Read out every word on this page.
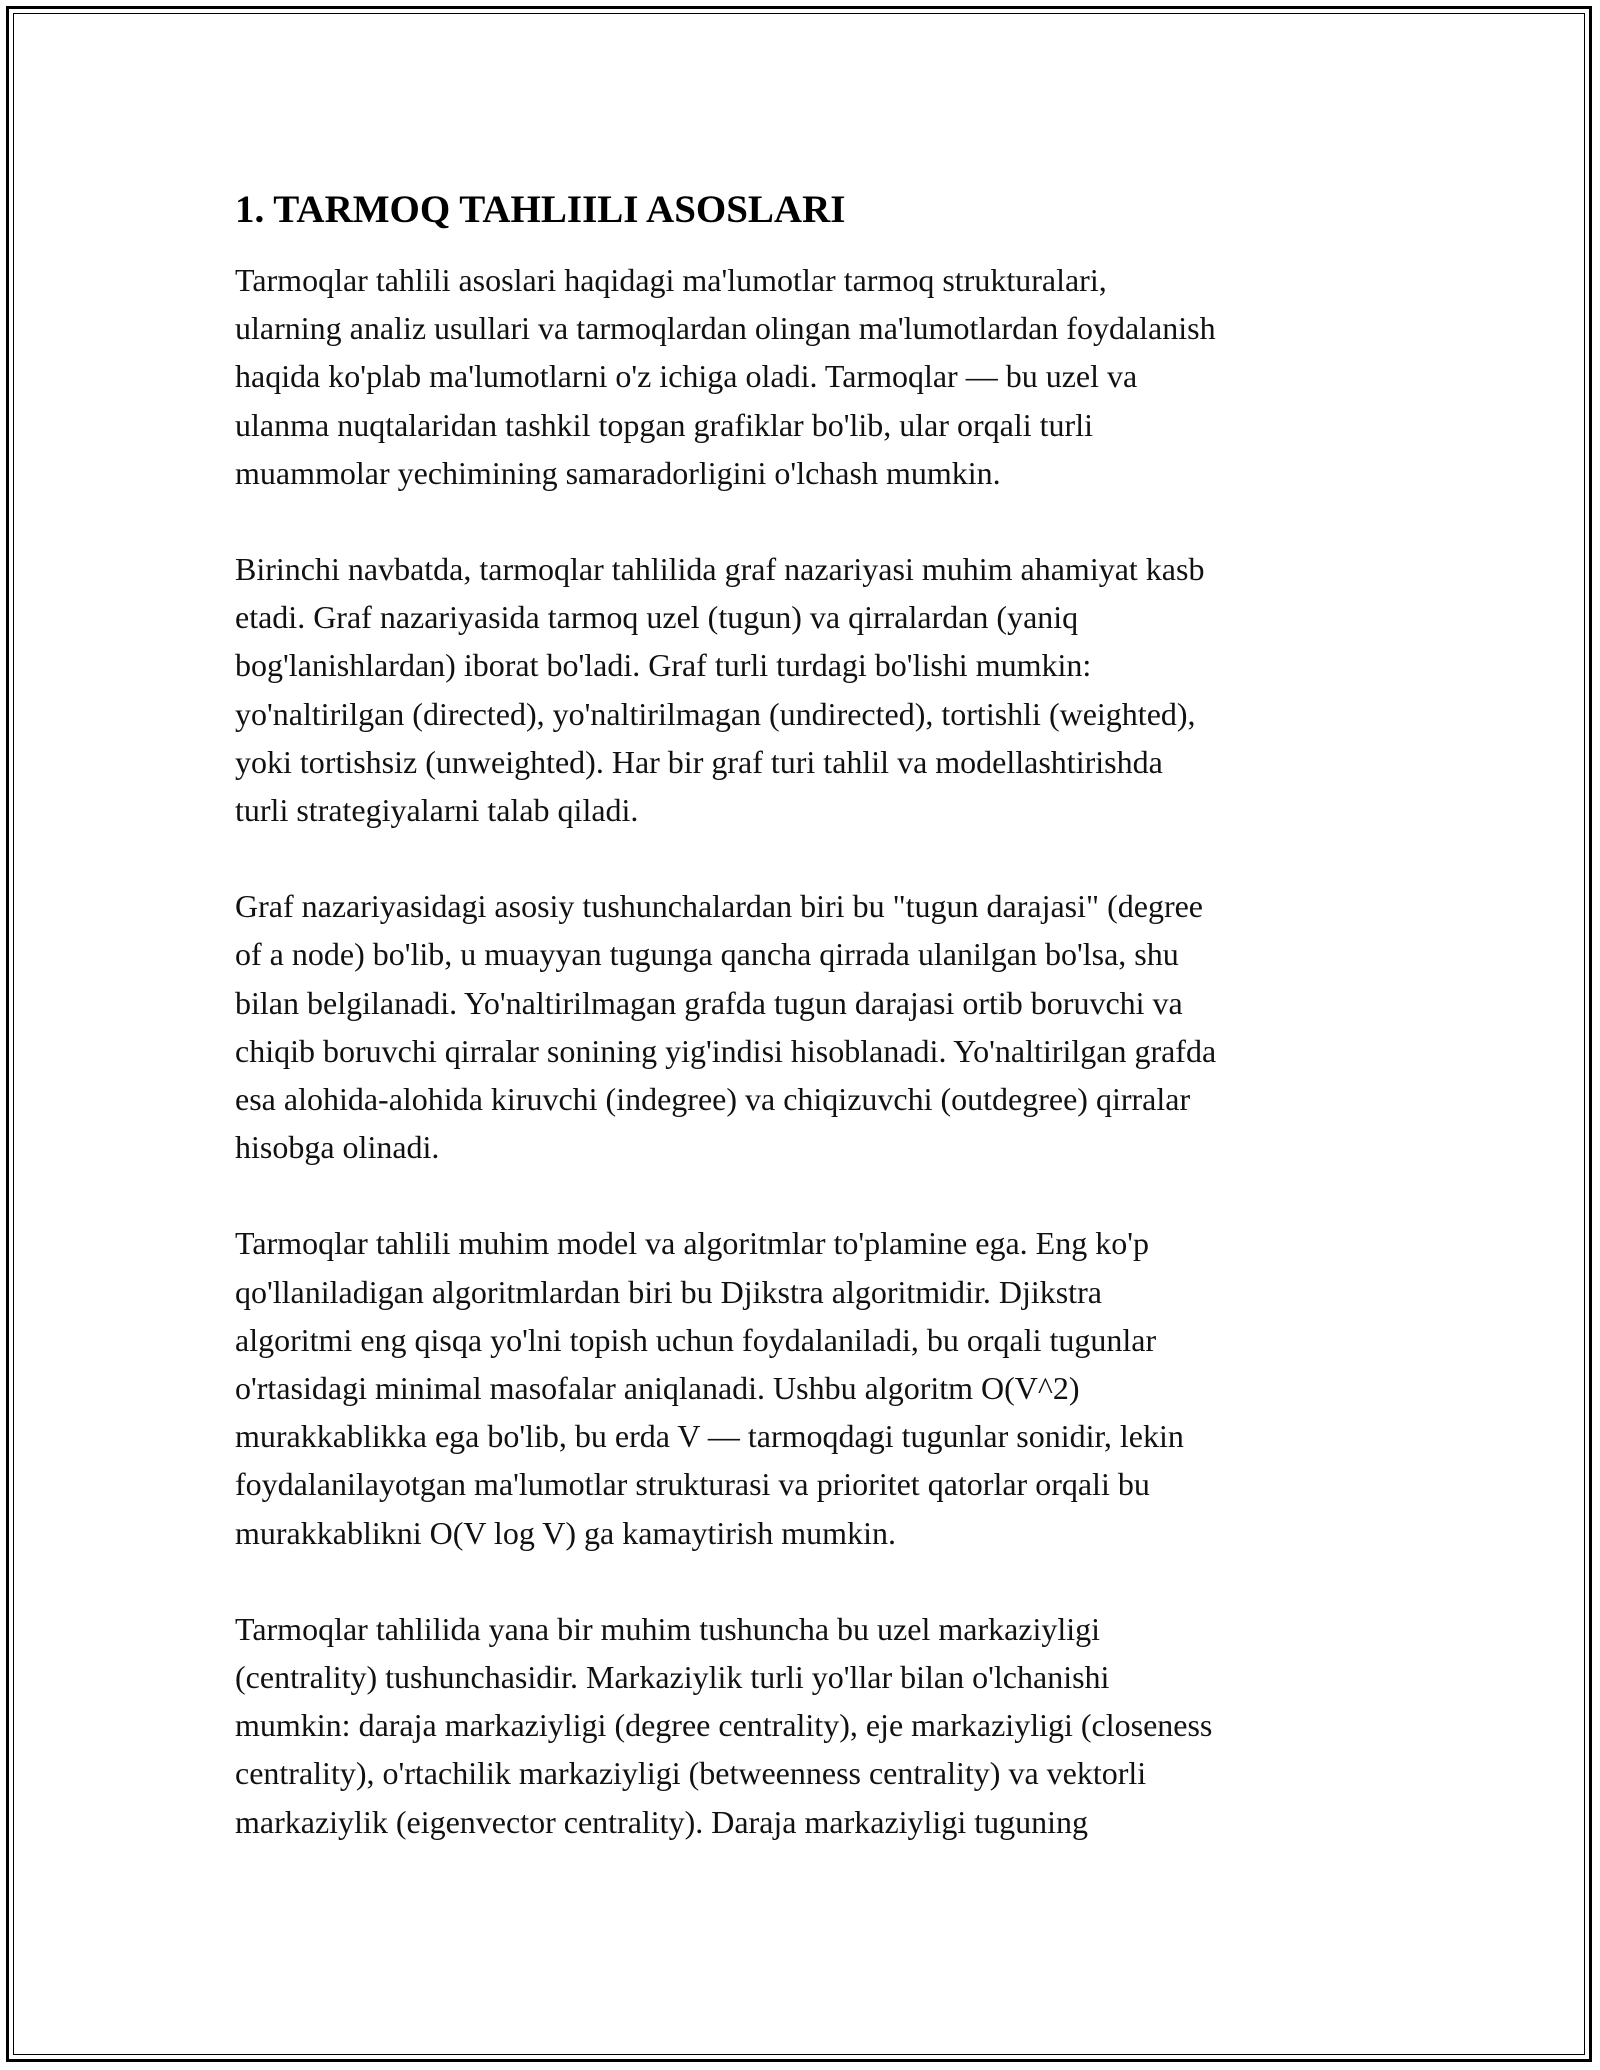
1. TARMOQ TAHLIILI ASOSLARI

Tarmoqlar tahlili asoslari haqidagi ma'lumotlar tarmoq strukturalari,
ularning analiz usullari va tarmoqlardan olingan ma'lumotlardan foydalanish
haqida ko'plab ma'lumotlarni o'z ichiga oladi. Tarmoqlar — bu uzel va
ulanma nuqtalaridan tashkil topgan grafiklar bo'lib, ular orqali turli
muammolar yechimining samaradorligini o'lchash mumkin.

Birinchi navbatda, tarmoqlar tahlilida graf nazariyasi muhim ahamiyat kasb
etadi. Graf nazariyasida tarmoq uzel (tugun) va qirralardan (yaniq
bog'lanishlardan) iborat bo'ladi. Graf turli turdagi bo'lishi mumkin:
yo'naltirilgan (directed), yo'naltirilmagan (undirected), tortishli (weighted),
yoki tortishsiz (unweighted). Har bir graf turi tahlil va modellashtirishda
turli strategiyalarni talab qiladi.

Graf nazariyasidagi asosiy tushunchalardan biri bu "tugun darajasi" (degree
of a node) bo'lib, u muayyan tugunga qancha qirrada ulanilgan bo'lsa, shu
bilan belgilanadi. Yo'naltirilmagan grafda tugun darajasi ortib boruvchi va
chiqib boruvchi qirralar sonining yig'indisi hisoblanadi. Yo'naltirilgan grafda
esa alohida-alohida kiruvchi (indegree) va chiqizuvchi (outdegree) qirralar
hisobga olinadi.

Tarmoqlar tahlili muhim model va algoritmlar to'plamine ega. Eng ko'p
qo'llaniladigan algoritmlardan biri bu Djikstra algoritmidir. Djikstra
algoritmi eng qisqa yo'lni topish uchun foydalaniladi, bu orqali tugunlar
o'rtasidagi minimal masofalar aniqlanadi. Ushbu algoritm O(V^2)
murakkablikka ega bo'lib, bu erda V — tarmoqdagi tugunlar sonidir, lekin
foydalanilayotgan ma'lumotlar strukturasi va prioritet qatorlar orqali bu
murakkablikni O(V log V) ga kamaytirish mumkin.

Tarmoqlar tahlilida yana bir muhim tushuncha bu uzel markaziyligi
(centrality) tushunchasidir. Markaziylik turli yo'llar bilan o'lchanishi
mumkin: daraja markaziyligi (degree centrality), eje markaziyligi (closeness
centrality), o'rtachilik markaziyligi (betweenness centrality) va vektorli
markaziylik (eigenvector centrality). Daraja markaziyligi tuguning
